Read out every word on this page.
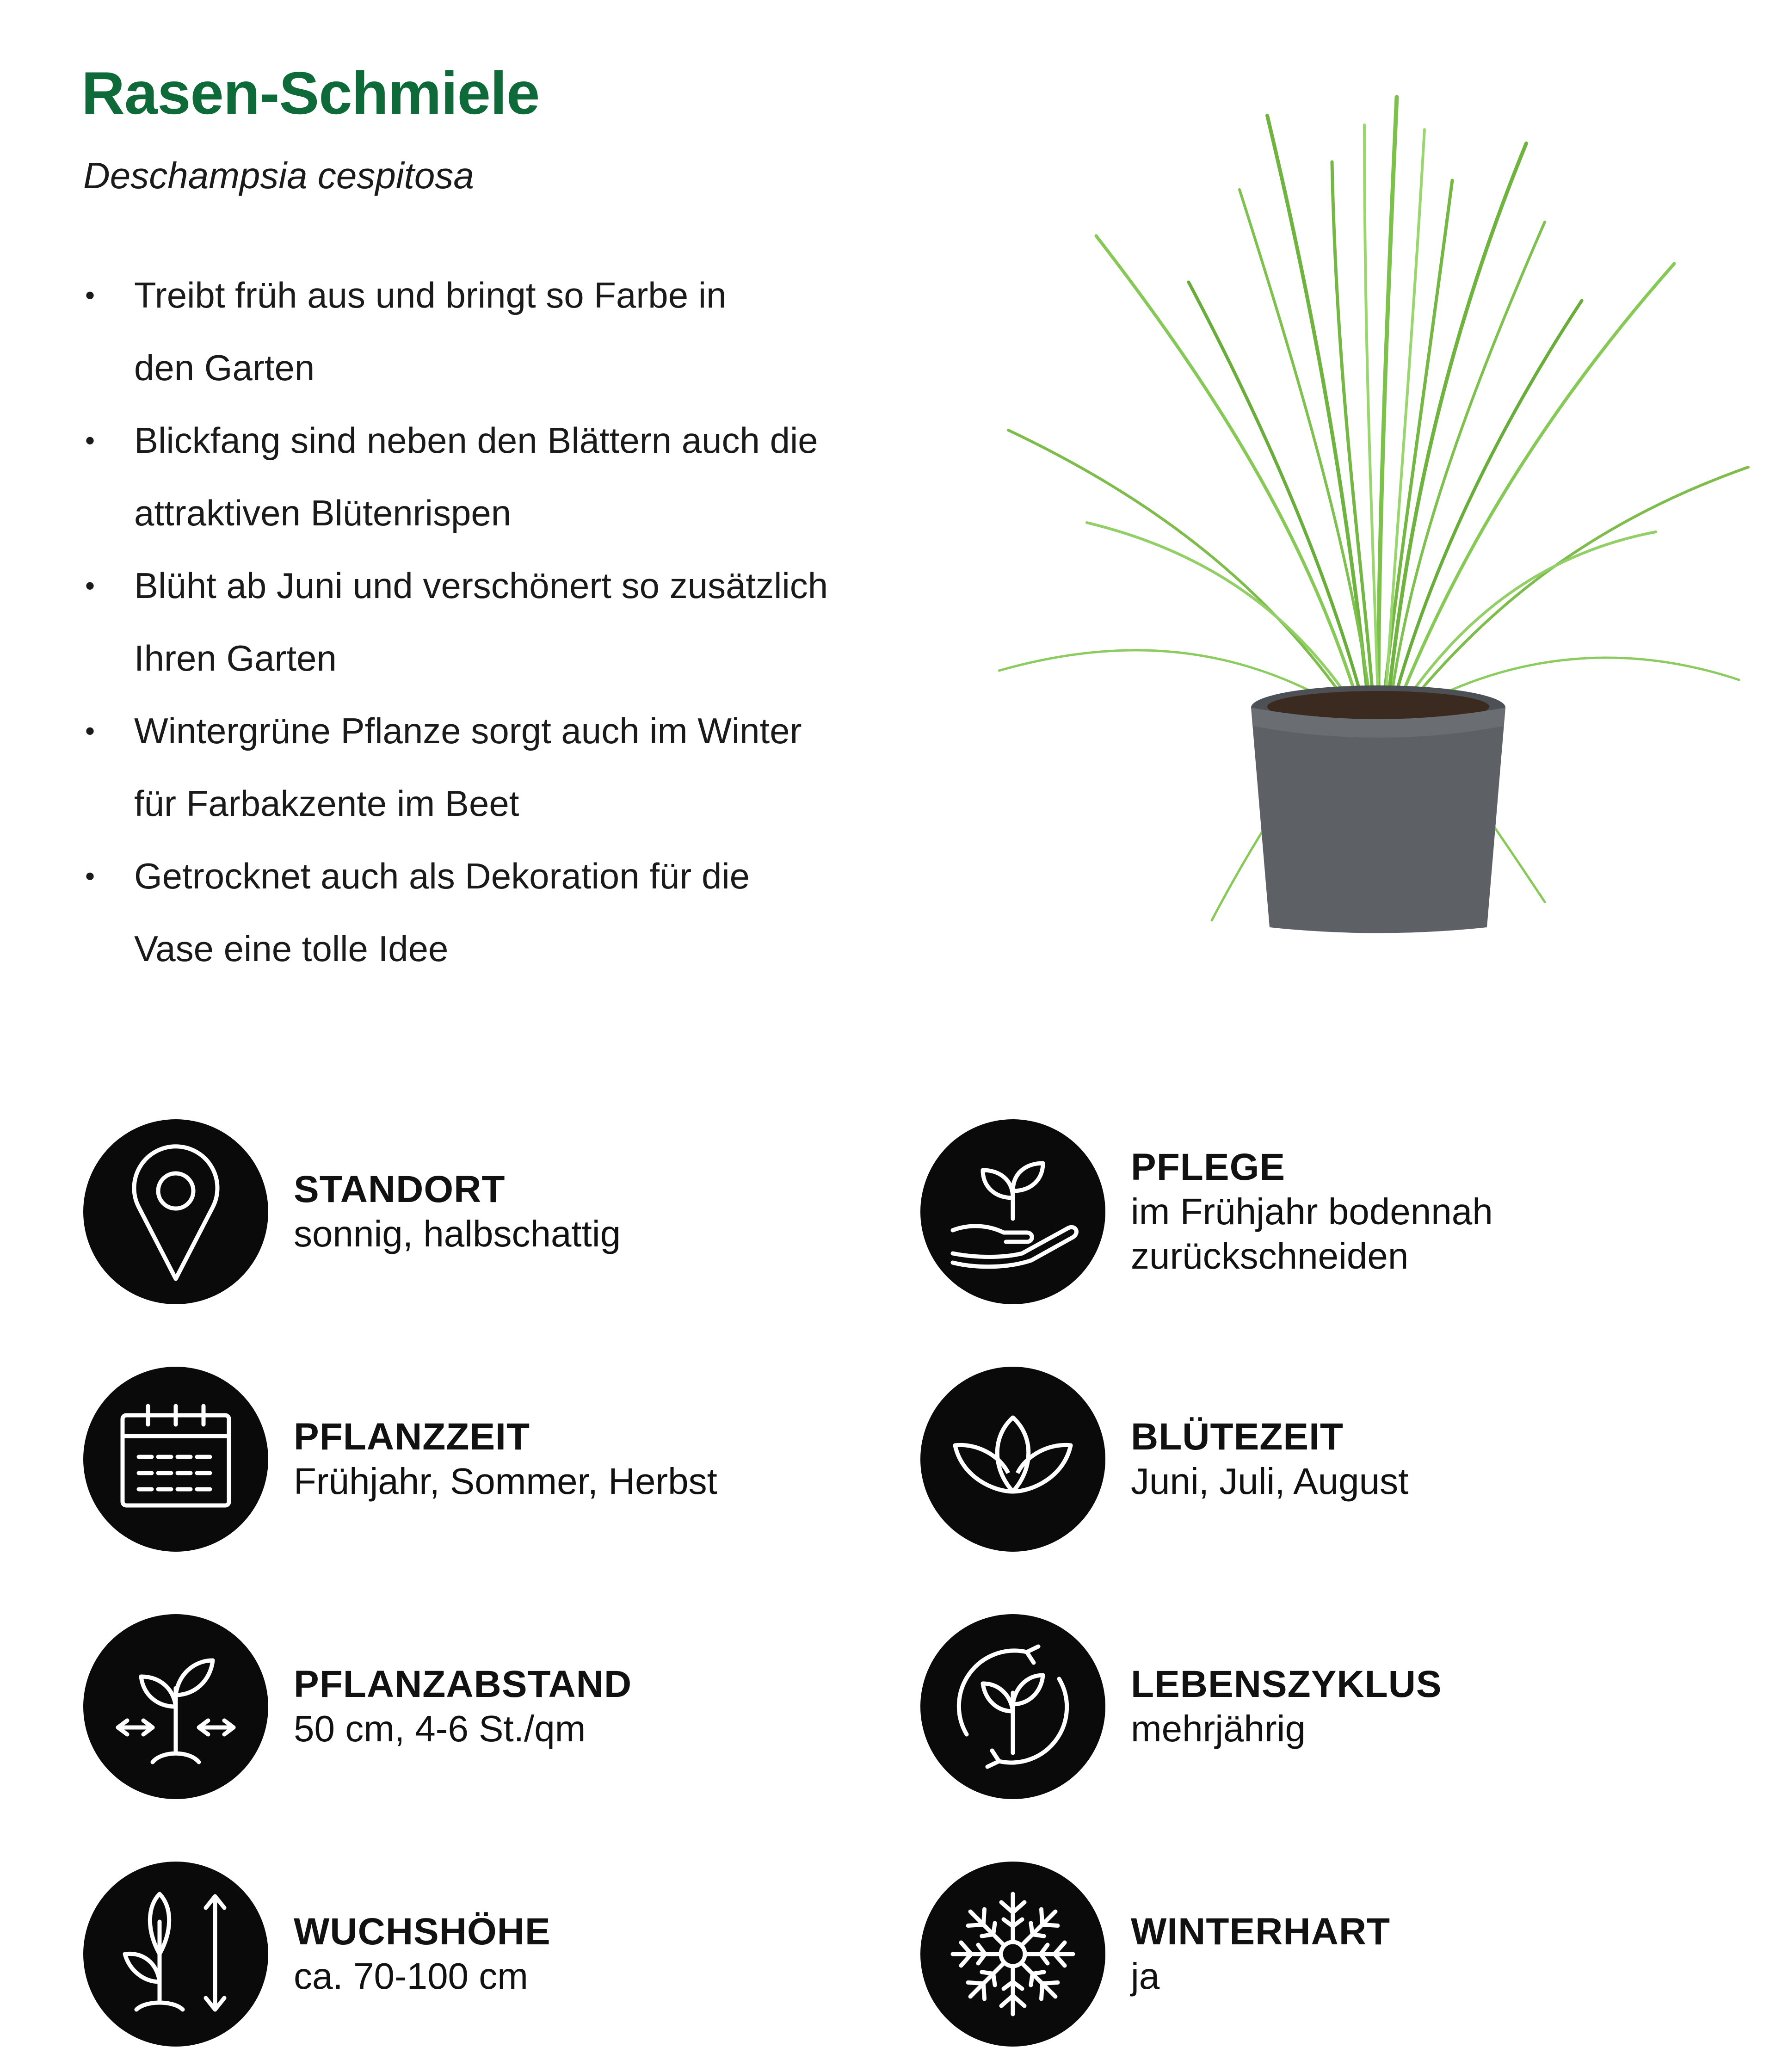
Rasen-Schmiele
Deschampsia cespitosa
• Treibt früh aus und bringt so Farbe in
den Garten
• Blickfang sind neben den Blättern auch die
attraktiven Blütenrispen
• Blüht ab Juni und verschönert so zusätzlich
Ihren Garten
• Wintergrüne Pflanze sorgt auch im Winter
für Farbakzente im Beet
• Getrocknet auch als Dekoration für die
Vase eine tolle Idee
STANDORT
sonnig, halbschattig
PFLEGE
im Frühjahr bodennah
zurückschneiden
PFLANZZEIT
Frühjahr, Sommer, Herbst
BLÜTEZEIT
Juni, Juli, August
PFLANZABSTAND
50 cm, 4-6 St./qm
LEBENSZYKLUS
mehrjährig
WUCHSHÖHE
ca. 70-100 cm
WINTERHART
ja
